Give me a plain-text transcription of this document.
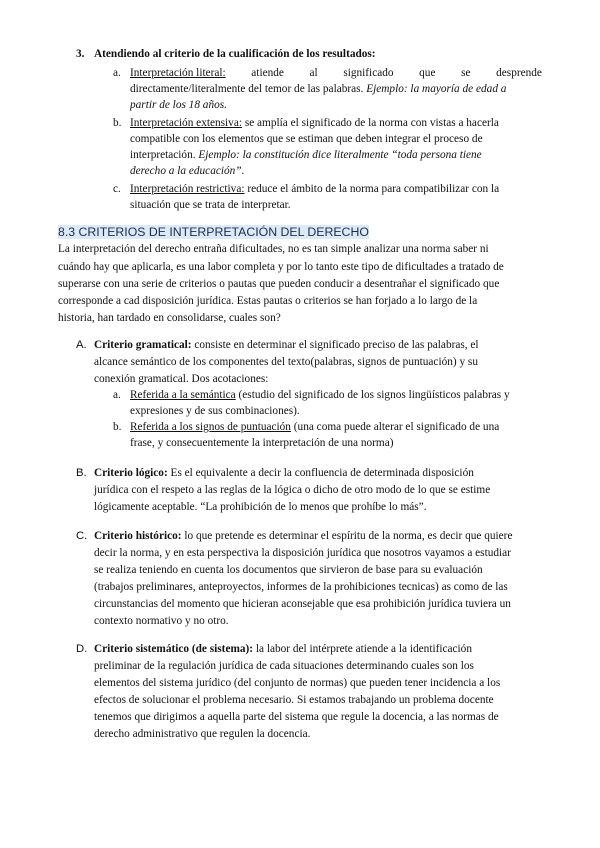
3. Atendiendo al criterio de la cualificación de los resultados:
a. Interpretación literal: atiende al significado que se desprende
directamente/literalmente del temor de las palabras. Ejemplo: la mayoría de edad a
partir de los 18 años.
b. Interpretación extensiva: se amplía el significado de la norma con vistas a hacerla
compatible con los elementos que se estiman que deben integrar el proceso de
interpretación. Ejemplo: la constitución dice literalmente “toda persona tiene
derecho a la educación”.
c. Interpretación restrictiva: reduce el ámbito de la norma para compatibilizar con la
situación que se trata de interpretar.
8.3 CRITERIOS DE INTERPRETACIÓN DEL DERECHO
La interpretación del derecho entraña dificultades, no es tan simple analizar una norma saber ni
cuándo hay que aplicarla, es una labor completa y por lo tanto este tipo de dificultades a tratado de
superarse con una serie de criterios o pautas que pueden conducir a desentrañar el significado que
corresponde a cad disposición jurídica. Estas pautas o criterios se han forjado a lo largo de la
historia, han tardado en consolidarse, cuales son?
A. Criterio gramatical: consiste en determinar el significado preciso de las palabras, el
alcance semántico de los componentes del texto(palabras, signos de puntuación) y su
conexión gramatical. Dos acotaciones:
a. Referida a la semántica (estudio del significado de los signos lingüísticos palabras y
expresiones y de sus combinaciones).
b. Referida a los signos de puntuación (una coma puede alterar el significado de una
frase, y consecuentemente la interpretación de una norma)
B. Criterio lógico: Es el equivalente a decir la confluencia de determinada disposición
jurídica con el respeto a las reglas de la lógica o dicho de otro modo de lo que se estime
lógicamente aceptable. “La prohibición de lo menos que prohíbe lo más”.
C. Criterio histórico: lo que pretende es determinar el espíritu de la norma, es decir que quiere
decir la norma, y en esta perspectiva la disposición jurídica que nosotros vayamos a estudiar
se realiza teniendo en cuenta los documentos que sirvieron de base para su evaluación
(trabajos preliminares, anteproyectos, informes de la prohibiciones tecnicas) as como de las
circunstancias del momento que hicieran aconsejable que esa prohibición jurídica tuviera un
contexto normativo y no otro.
D. Criterio sistemático (de sistema): la labor del intérprete atiende a la identificación
preliminar de la regulación jurídica de cada situaciones determinando cuales son los
elementos del sistema jurídico (del conjunto de normas) que pueden tener incidencia a los
efectos de solucionar el problema necesario. Si estamos trabajando un problema docente
tenemos que dirigimos a aquella parte del sistema que regule la docencia, a las normas de
derecho administrativo que regulen la docencia.
